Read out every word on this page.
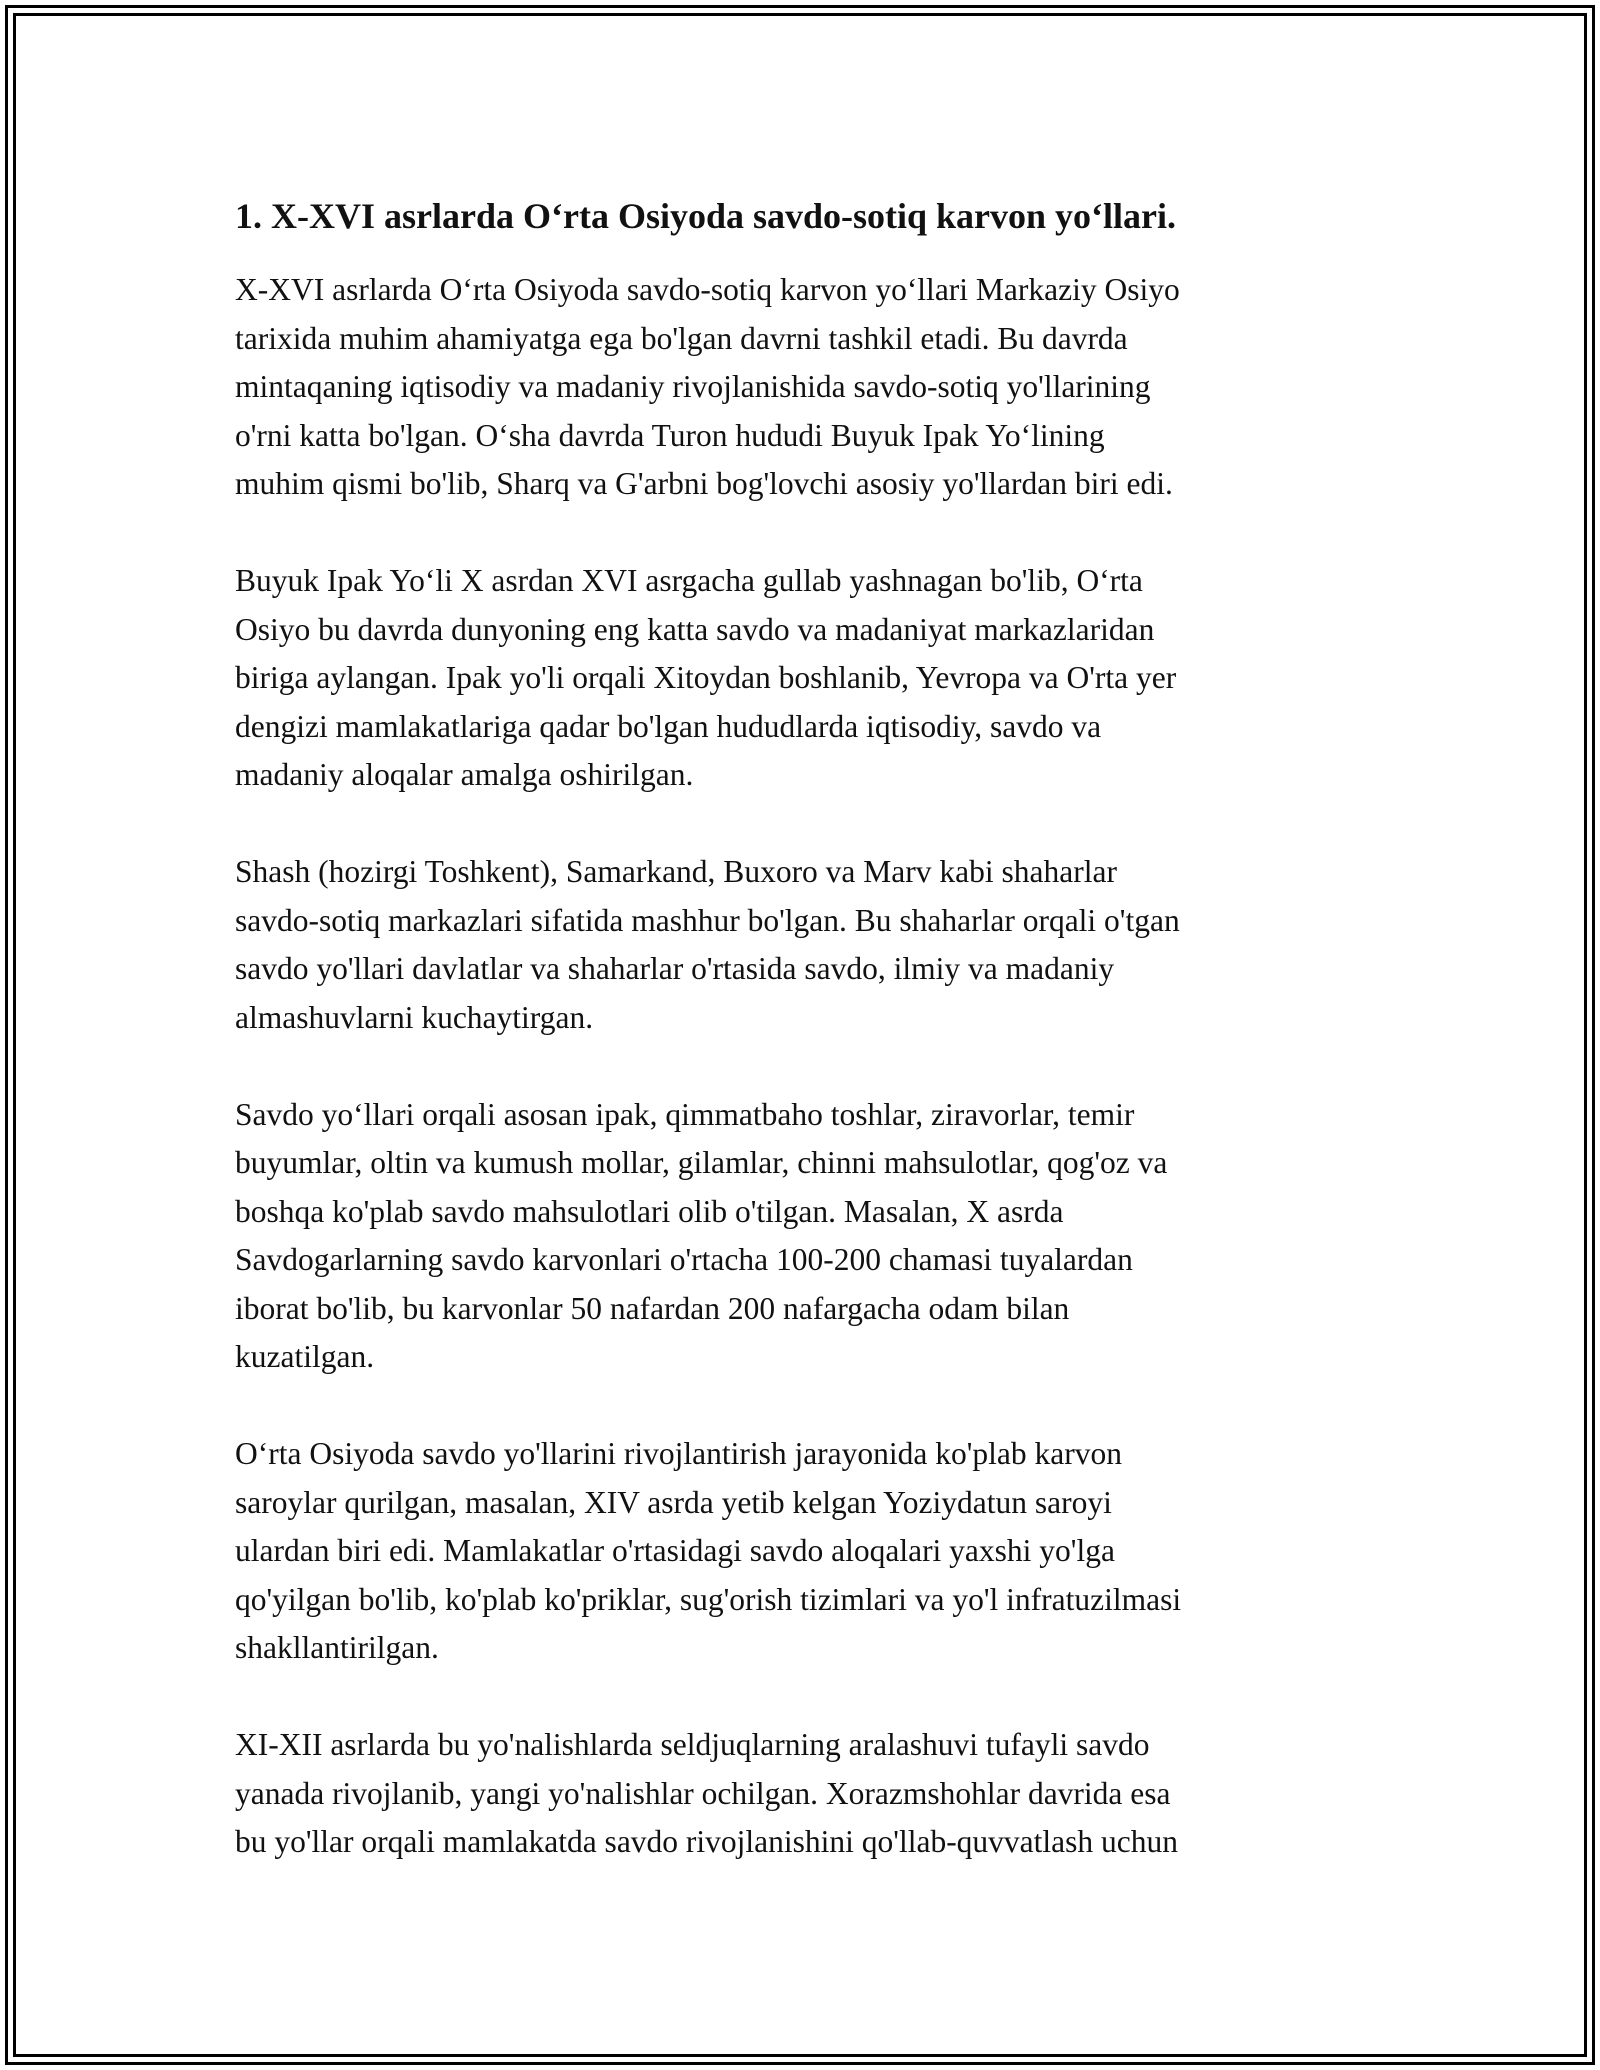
1. X-XVI asrlarda O‘rta Osiyoda savdo-sotiq karvon yo‘llari.

X-XVI asrlarda O‘rta Osiyoda savdo-sotiq karvon yo‘llari Markaziy Osiyo
tarixida muhim ahamiyatga ega bo'lgan davrni tashkil etadi. Bu davrda
mintaqaning iqtisodiy va madaniy rivojlanishida savdo-sotiq yo'llarining
o'rni katta bo'lgan. O‘sha davrda Turon hududi Buyuk Ipak Yo‘lining
muhim qismi bo'lib, Sharq va G'arbni bog'lovchi asosiy yo'llardan biri edi.

Buyuk Ipak Yo‘li X asrdan XVI asrgacha gullab yashnagan bo'lib, O‘rta
Osiyo bu davrda dunyoning eng katta savdo va madaniyat markazlaridan
biriga aylangan. Ipak yo'li orqali Xitoydan boshlanib, Yevropa va O'rta yer
dengizi mamlakatlariga qadar bo'lgan hududlarda iqtisodiy, savdo va
madaniy aloqalar amalga oshirilgan.

Shash (hozirgi Toshkent), Samarkand, Buxoro va Marv kabi shaharlar
savdo-sotiq markazlari sifatida mashhur bo'lgan. Bu shaharlar orqali o'tgan
savdo yo'llari davlatlar va shaharlar o'rtasida savdo, ilmiy va madaniy
almashuvlarni kuchaytirgan.

Savdo yo‘llari orqali asosan ipak, qimmatbaho toshlar, ziravorlar, temir
buyumlar, oltin va kumush mollar, gilamlar, chinni mahsulotlar, qog'oz va
boshqa ko'plab savdo mahsulotlari olib o'tilgan. Masalan, X asrda
Savdogarlarning savdo karvonlari o'rtacha 100-200 chamasi tuyalardan
iborat bo'lib, bu karvonlar 50 nafardan 200 nafargacha odam bilan
kuzatilgan.

O‘rta Osiyoda savdo yo'llarini rivojlantirish jarayonida ko'plab karvon
saroylar qurilgan, masalan, XIV asrda yetib kelgan Yoziydatun saroyi
ulardan biri edi. Mamlakatlar o'rtasidagi savdo aloqalari yaxshi yo'lga
qo'yilgan bo'lib, ko'plab ko'priklar, sug'orish tizimlari va yo'l infratuzilmasi
shakllantirilgan.

XI-XII asrlarda bu yo'nalishlarda seldjuqlarning aralashuvi tufayli savdo
yanada rivojlanib, yangi yo'nalishlar ochilgan. Xorazmshohlar davrida esa
bu yo'llar orqali mamlakatda savdo rivojlanishini qo'llab-quvvatlash uchun
